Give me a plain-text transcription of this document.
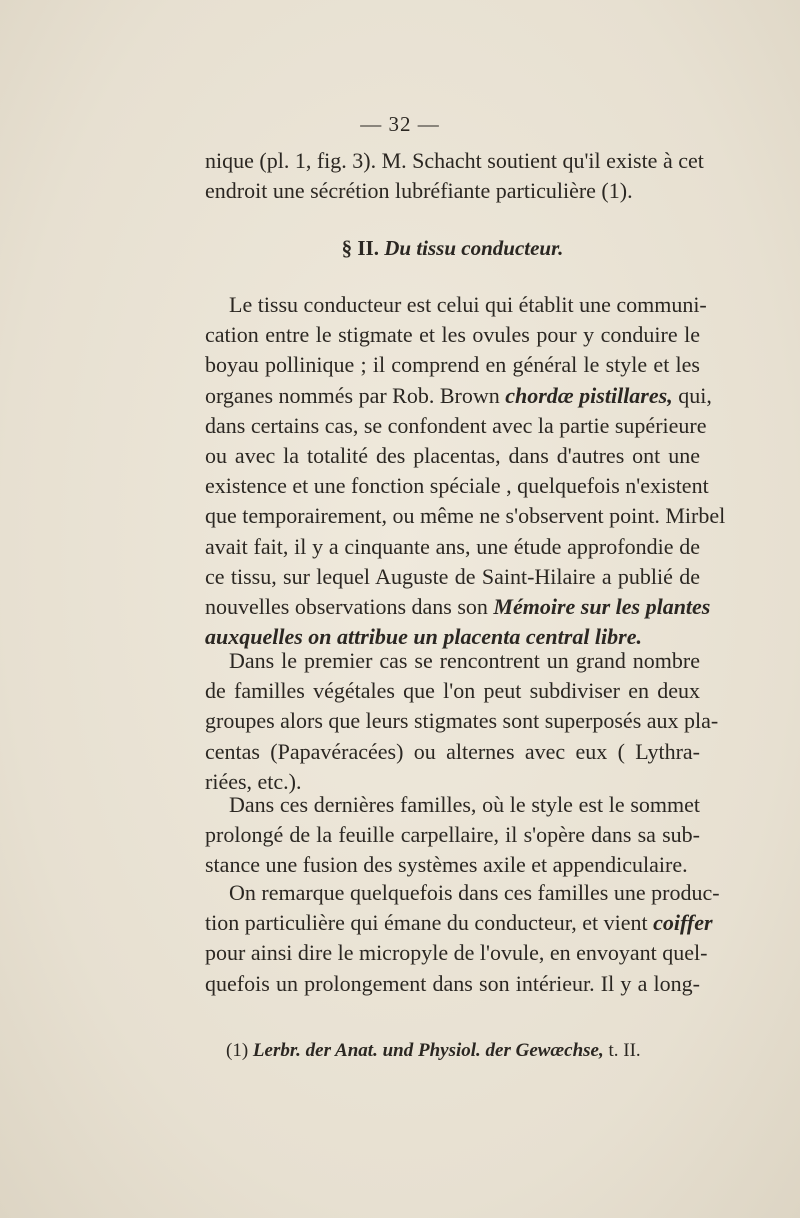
— 32 —
nique (pl. 1, fig. 3). M. Schacht soutient qu'il existe à cet
endroit une sécrétion lubréfiante particulière (1).
§ II. Du tissu conducteur.
Le tissu conducteur est celui qui établit une communi-
cation entre le stigmate et les ovules pour y conduire le
boyau pollinique ; il comprend en général le style et les
organes nommés par Rob. Brown chordæ pistillares, qui,
dans certains cas, se confondent avec la partie supérieure
ou avec la totalité des placentas, dans d'autres ont une
existence et une fonction spéciale , quelquefois n'existent
que temporairement, ou même ne s'observent point. Mirbel
avait fait, il y a cinquante ans, une étude approfondie de
ce tissu, sur lequel Auguste de Saint-Hilaire a publié de
nouvelles observations dans son Mémoire sur les plantes
auxquelles on attribue un placenta central libre.
Dans le premier cas se rencontrent un grand nombre
de familles végétales que l'on peut subdiviser en deux
groupes alors que leurs stigmates sont superposés aux pla-
centas (Papavéracées) ou alternes avec eux ( Lythra-
riées, etc.).
Dans ces dernières familles, où le style est le sommet
prolongé de la feuille carpellaire, il s'opère dans sa sub-
stance une fusion des systèmes axile et appendiculaire.
On remarque quelquefois dans ces familles une produc-
tion particulière qui émane du conducteur, et vient coiffer
pour ainsi dire le micropyle de l'ovule, en envoyant quel-
quefois un prolongement dans son intérieur. Il y a long-
(1) Lerbr. der Anat. und Physiol. der Gewæchse, t. II.
